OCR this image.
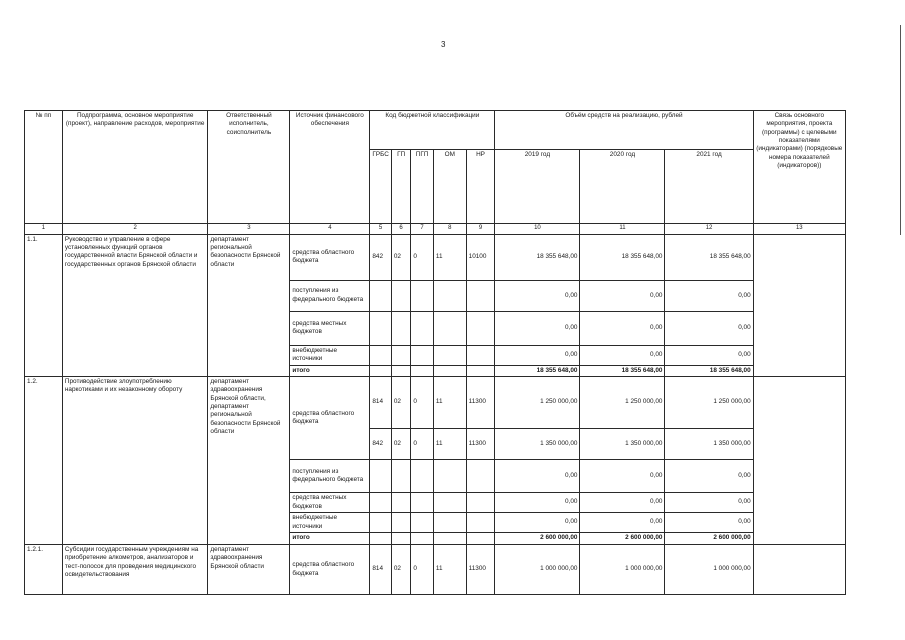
3
№ пп	Подпрограмма, основное мероприятие (проект), направление расходов, мероприятие	Ответственный исполнитель, соисполнитель	Источник финансового обеспечения	Код бюджетной классификации					Объём средств на реализацию, рублей			Связь основного мероприятия, проекта (программы) с целевыми показателями (индикаторами) (порядковые номера показателей (индикаторов))
				ГРБС	ГП	ПГП	ОМ	НР	2019 год	2020 год	2021 год	
1	2	3	4	5	6	7	8	9	10	11	12	13
1.1.	Руководство и управление в сфере установленных функций органов государственной власти Брянской области и государственных органов Брянской области	департамент региональной безопасности Брянской области	средства областного бюджета	842	02	0	11	10100	18 355 648,00	18 355 648,00	18 355 648,00	
			поступления из федерального бюджета						0,00	0,00	0,00	
			средства местных бюджетов						0,00	0,00	0,00	
			внебюджетные источники						0,00	0,00	0,00	
			итого						18 355 648,00	18 355 648,00	18 355 648,00	
1.2.	Противодействие злоупотреблению наркотиками и их незаконному обороту	департамент здравоохранения Брянской области, департамент региональной безопасности Брянской области	средства областного бюджета	814	02	0	11	11300	1 250 000,00	1 250 000,00	1 250 000,00	
				842	02	0	11	11300	1 350 000,00	1 350 000,00	1 350 000,00	
			поступления из федерального бюджета						0,00	0,00	0,00	
			средства местных бюджетов						0,00	0,00	0,00	
			внебюджетные источники						0,00	0,00	0,00	
			итого						2 600 000,00	2 600 000,00	2 600 000,00	
1.2.1.	Субсидии государственным учреждениям на приобретение алкометров, анализаторов и тест-полосок для проведения медицинского освидетельствования	департамент здравоохранения Брянской области	средства областного бюджета	814	02	0	11	11300	1 000 000,00	1 000 000,00	1 000 000,00	
